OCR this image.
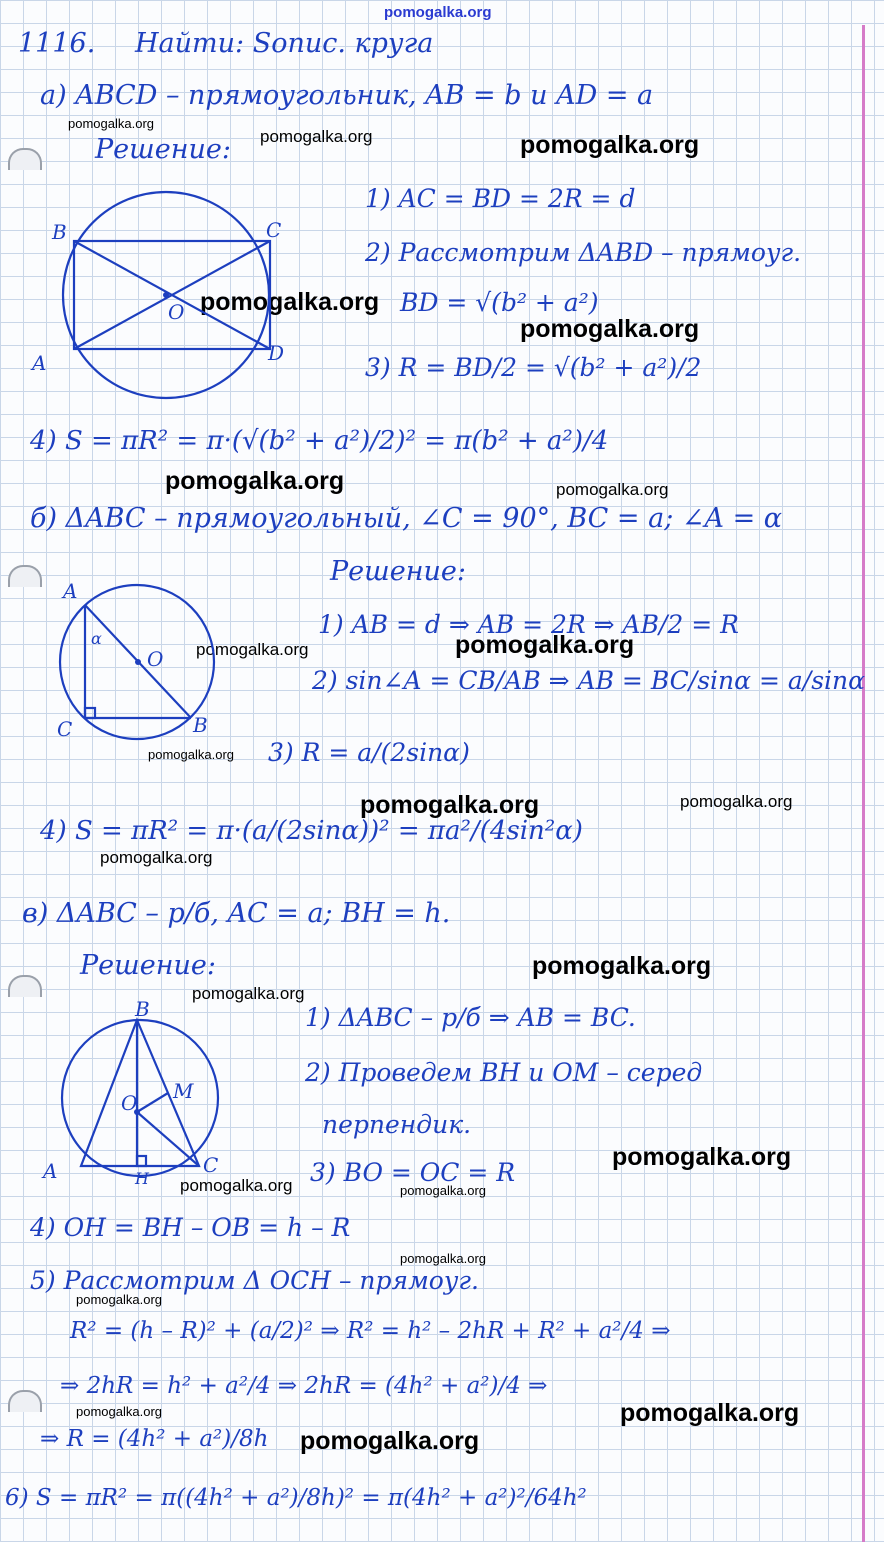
pomogalka.org
pomogalka.org
pomogalka.org	pomogalka.org
pomogalka.org
pomogalka.org
pomogalka.org	pomogalka.org
pomogalka.org	pomogalka.org
pomogalka.org
pomogalka.org	pomogalka.org
pomogalka.org
pomogalka.org
pomogalka.org
pomogalka.org
pomogalka.org	pomogalka.org
pomogalka.org
pomogalka.org
pomogalka.org	pomogalka.org
pomogalka.org
1116. Найти: Sопис. круга
а) ABCD – прямоугольник, AB = b и AD = a
Решение:
1) AC = BD = 2R = d
2) Рассмотрим ΔABD – прямоуг.
BD = √(b² + a²)
3) R = BD/2 = √(b² + a²)/2
4) S = πR² = π·(√(b² + a²)/2)² = π(b² + a²)/4
B	C
O
A	D
б) ΔABC – прямоугольный, ∠C = 90°, BC = a; ∠A = α
Решение:
1) AB = d ⇒ AB = 2R ⇒ AB/2 = R
2) sin∠A = CB/AB ⇒ AB = BC/sinα = a/sinα
3) R = a/(2sinα)
4) S = πR² = π·(a/(2sinα))² = πa²/(4sin²α)
A
α
O
C	B
в) ΔABC – р/б, AC = a; BH = h.
Решение:
1) ΔABC – р/б ⇒ AB = BC.
2) Проведем BH и OM – серед
перпендик.
3) BO = OC = R
4) OH = BH – OB = h – R
5) Рассмотрим Δ OCH – прямоуг.
R² = (h – R)² + (a/2)² ⇒ R² = h² – 2hR + R² + a²/4 ⇒
⇒ 2hR = h² + a²/4 ⇒ 2hR = (4h² + a²)/4 ⇒
⇒ R = (4h² + a²)/8h
6) S = πR² = π((4h² + a²)/8h)² = π(4h² + a²)²/64h²
B
O M
A	H
C
